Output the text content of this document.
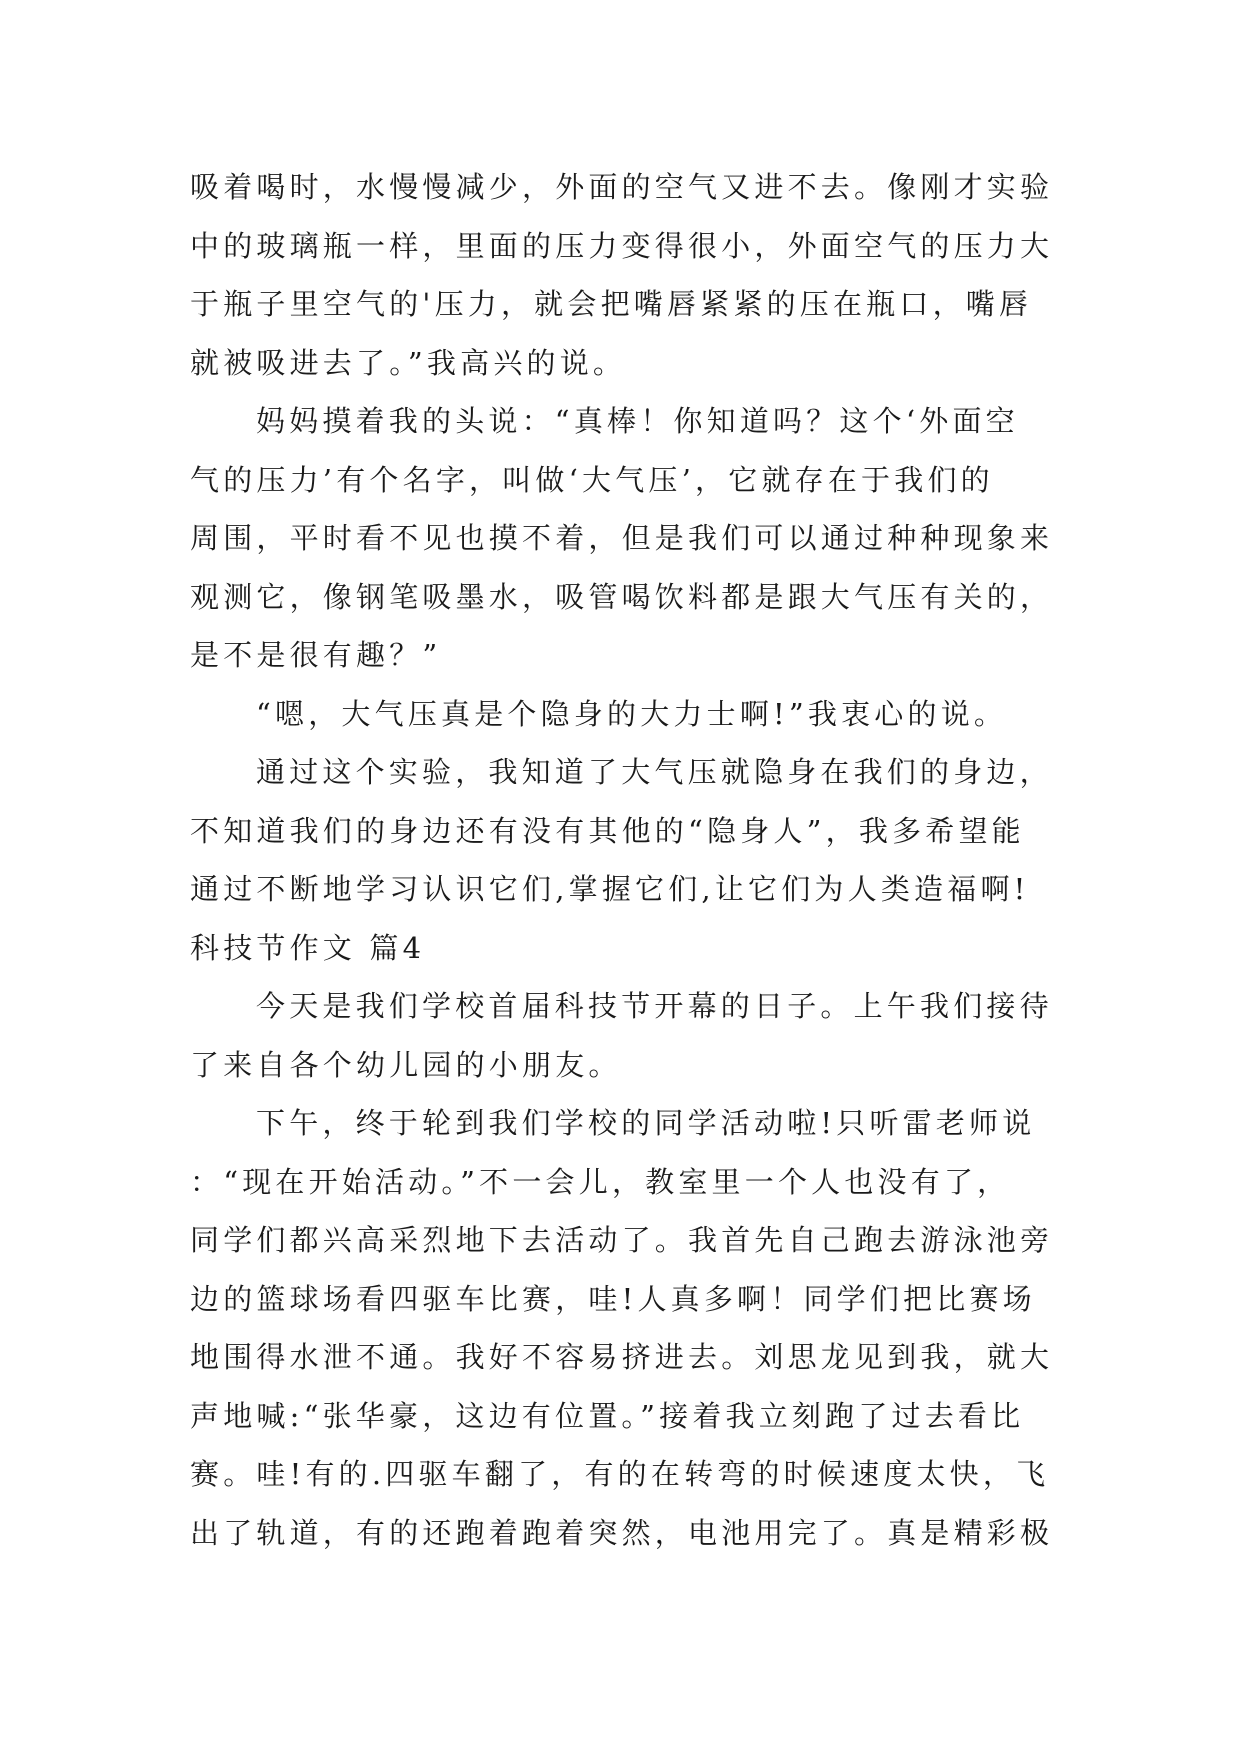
吸着喝时，水慢慢减少，外面的空气又进不去。像刚才实验
中的玻璃瓶一样，里面的压力变得很小，外面空气的压力大
于瓶子里空气的'压力，就会把嘴唇紧紧的压在瓶口，嘴唇
就被吸进去了。”我高兴的说。
妈妈摸着我的头说：“真棒！你知道吗？这个‘外面空
气的压力’有个名字，叫做‘大气压’，它就存在于我们的
周围，平时看不见也摸不着，但是我们可以通过种种现象来
观测它，像钢笔吸墨水，吸管喝饮料都是跟大气压有关的，
是不是很有趣？”
“嗯，大气压真是个隐身的大力士啊!”我衷心的说。
通过这个实验，我知道了大气压就隐身在我们的身边，
不知道我们的身边还有没有其他的“隐身人”，我多希望能
通过不断地学习认识它们,掌握它们,让它们为人类造福啊!
科技节作文 篇4
今天是我们学校首届科技节开幕的日子。上午我们接待
了来自各个幼儿园的小朋友。
下午，终于轮到我们学校的同学活动啦!只听雷老师说
：“现在开始活动。”不一会儿，教室里一个人也没有了，
同学们都兴高采烈地下去活动了。我首先自己跑去游泳池旁
边的篮球场看四驱车比赛，哇!人真多啊！同学们把比赛场
地围得水泄不通。我好不容易挤进去。刘思龙见到我，就大
声地喊:“张华豪，这边有位置。”接着我立刻跑了过去看比
赛。哇!有的.四驱车翻了，有的在转弯的时候速度太快，飞
出了轨道，有的还跑着跑着突然，电池用完了。真是精彩极
